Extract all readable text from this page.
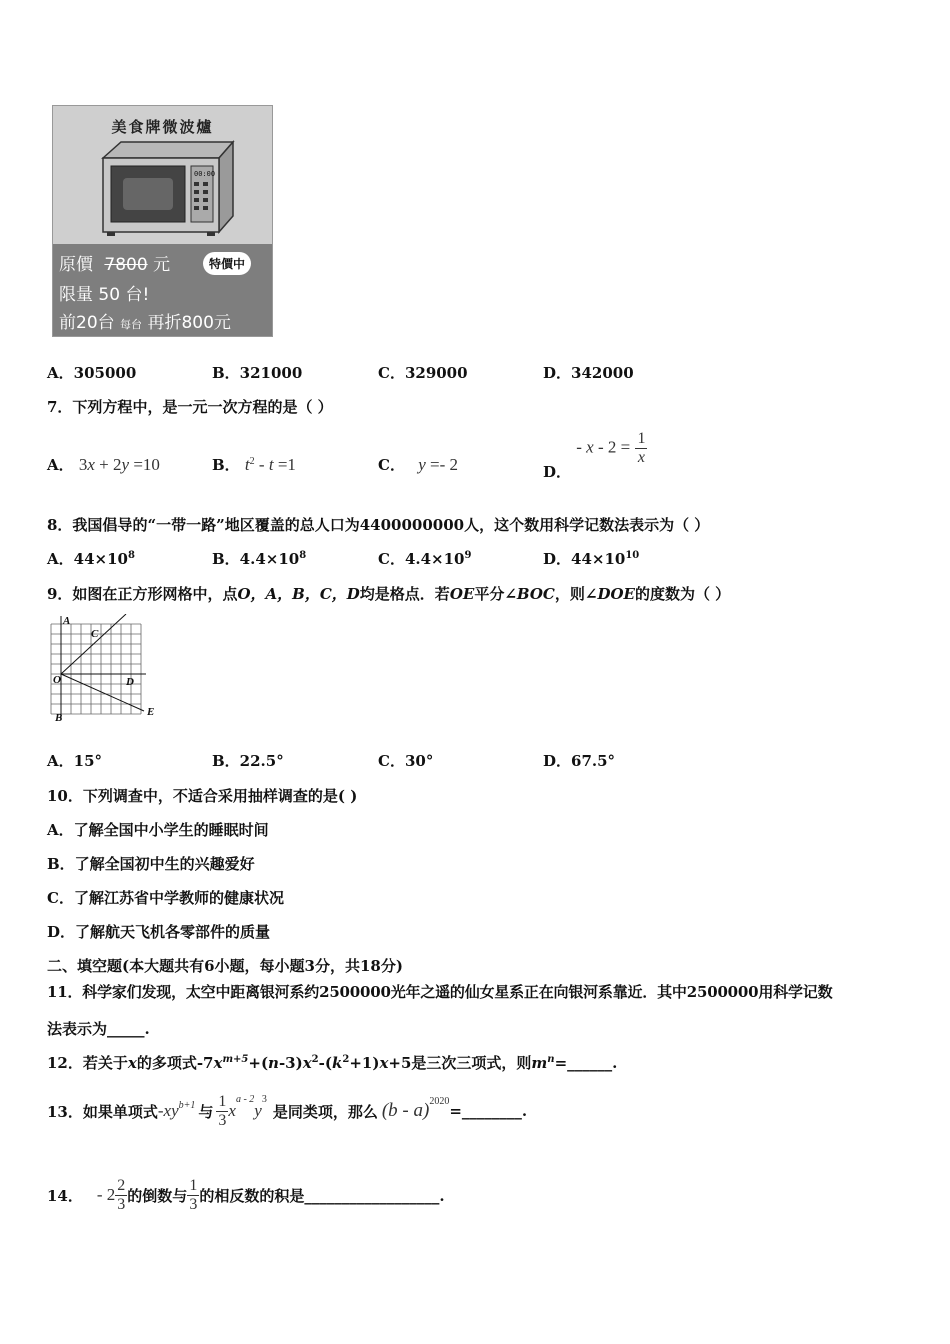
美食牌微波爐
00:00
原價 7800 元	特價中
限量 50 台!
前20台 每台 再折800元
A．305000	B．321000	C．329000	D．342000
7．下列方程中，是一元一次方程的是（ ）
A． 3x + 2y =10	B． $t^2 - t =1$	C． y =- 2	D． - $x - 2 = \frac{1}{x}$
8．我国倡导的“一带一路”地区覆盖的总人口为4400000000人，这个数用科学记数法表示为（ ）
A．$44\times 10^8$	B．$4.4\times 10^8$	C．$4.4\times 10^9$	D．$44\times 10^{10}$
9．如图在正方形网格中，点O，A，B，C，D均是格点．若OE平分∠BOC，则∠DOE的度数为（ ）
A
C
O	D
B	E
A．15°	B．22.5°	C．30°	D．67.5°
10．下列调查中，不适合采用抽样调查的是( )
A．了解全国中小学生的睡眠时间
B．了解全国初中生的兴趣爱好
C．了解江苏省中学教师的健康状况
D．了解航天飞机各零部件的质量
二、填空题(本大题共有6小题，每小题3分，共18分)
11．科学家们发现，太空中距离银河系约2500000光年之遥的仙女星系正在向银河系靠近．其中2500000用科学记数
法表示为_____.
12．若关于x的多项式$-7x^{m+5}+(n-3)x^2-(k^2+1)x+5$是三次三项式，则$m^n=\_\_\_\_\_\_$.
13．如果单项式 - $xy^{b+1}$ 与 $\frac{1}{3}$ x
$^{a - 2}$
y
$^3$
是同类项，那么 (b - a)$^{2020}$
=________.
14． - $2 \frac{2}{3}$ 的倒数与 $\frac{1}{3}$ 的相反数的积是__________________.
